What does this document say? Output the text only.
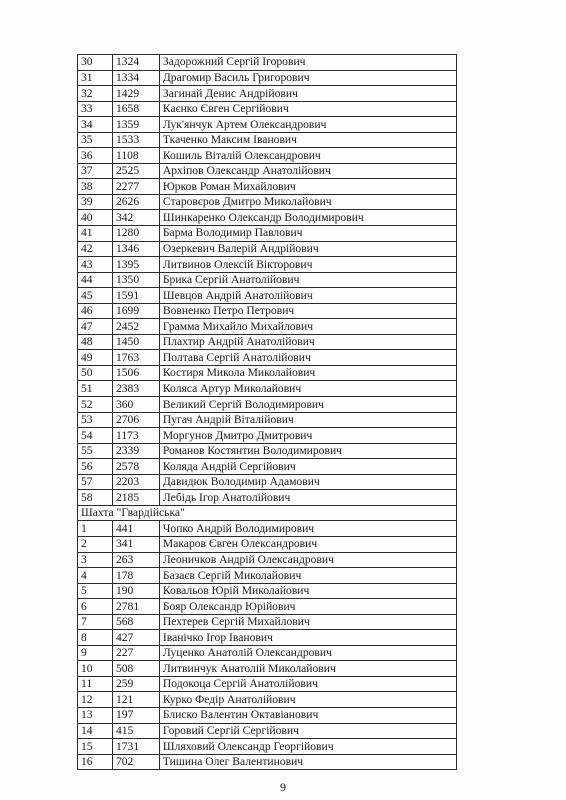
30	1324	Задорожний Сергій Ігорович
31	1334	Драгомир Василь Григорович
32	1429	Загинай Денис Андрійович
33	1658	Каєнко Євген Сергійович
34	1359	Лук'янчук Артем Олександрович
35	1533	Ткаченко Максим Іванович
36	1108	Кошиль Віталій Олександрович
37	2525	Архіпов Олександр Анатолійович
38	2277	Юрков Роман Михайлович
39	2626	Старовєров Дмитро Миколайович
40	342	Шинкаренко Олександр Володимирович
41	1280	Барма Володимир Павлович
42	1346	Озеркевич Валерій Андрійович
43	1395	Литвинов Олексій Вікторович
44	1350	Брика Сергій Анатолійович
45	1591	Шевцов Андрій Анатолійович
46	1699	Вовненко Петро Петрович
47	2452	Грамма Михайло Михайлович
48	1450	Плахтир Андрій Анатолійович
49	1763	Полтава Сергій Анатолійович
50	1506	Костиря Микола Миколайович
51	2383	Коляса Артур Миколайович
52	360	Великий Сергій Володимирович
53	2706	Пугач Андрій Віталійович
54	1173	Моргунов Дмитро Дмитрович
55	2339	Романов Костянтин Володимирович
56	2578	Коляда Андрій Сергійович
57	2203	Давидюк Володимир Адамович
58	2185	Лебідь Ігор Анатолійович
Шахта "Гвардійська"		
1	441	Чопко Андрій Володимирович
2	341	Макаров Євген Олександрович
3	263	Леоничков Андрій Олександрович
4	178	Базаєв Сергій Миколайович
5	190	Ковальов Юрій Миколайович
6	2781	Бояр Олександр Юрійович
7	568	Пехтерев Сергій Михайлович
8	427	Іванічко Ігор Іванович
9	227	Луценко Анатолій Олександрович
10	508	Литвинчук Анатолій Миколайович
11	259	Подокоца Сергій Анатолійович
12	121	Курко Федір Анатолійович
13	197	Блиско Валентин Октавіанович
14	415	Горовий Сергій Сергійович
15	1731	Шляховий Олександр Георгійович
16	702	Тишина Олег Валентинович
9
